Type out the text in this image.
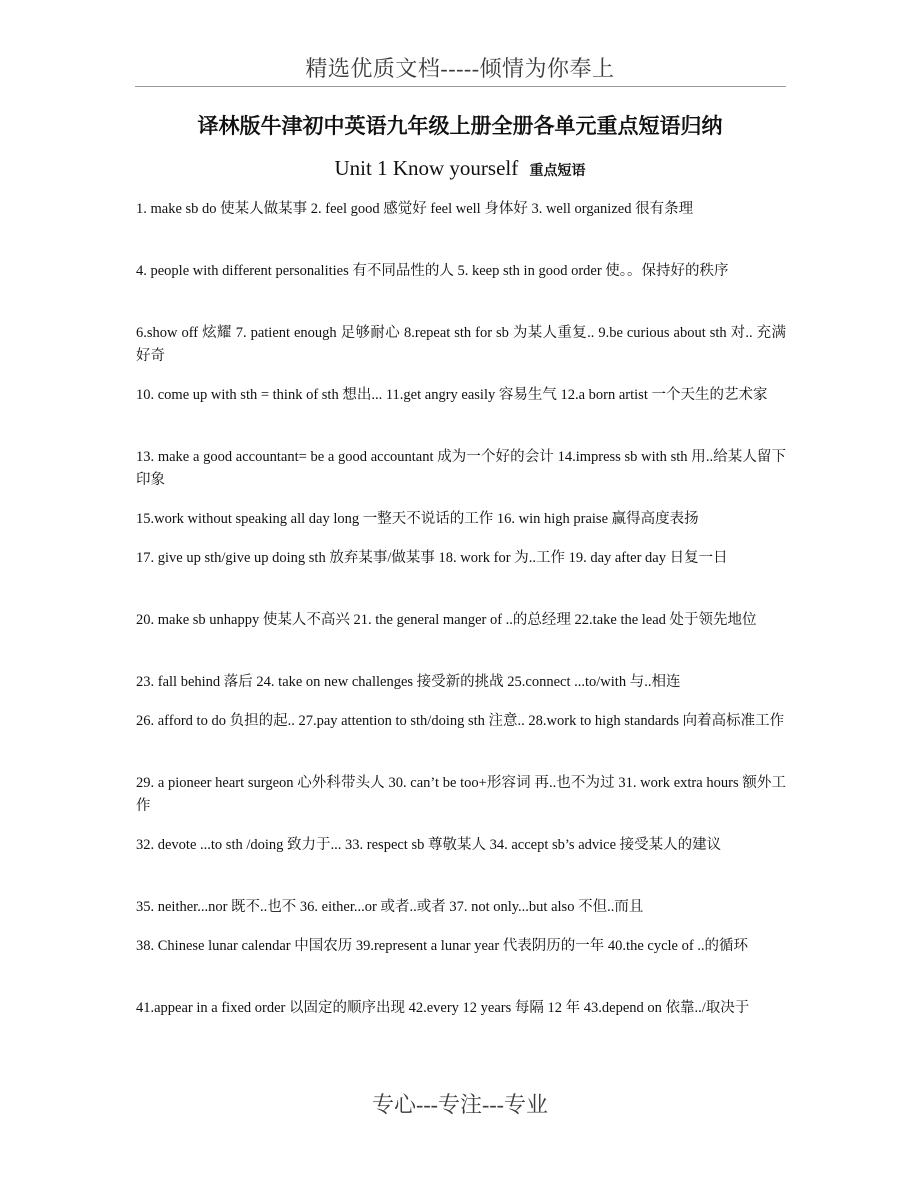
精选优质文档-----倾情为你奉上
译林版牛津初中英语九年级上册全册各单元重点短语归纳
Unit 1 Know yourself 重点短语

1. make sb do 使某人做某事 2. feel good 感觉好 feel well 身体好 3. well organized 很有条理

4. people with different personalities 有不同品性的人 5. keep sth in good order 使。。保持好的秩序

6.show off 炫耀 7. patient enough 足够耐心 8.repeat sth for sb 为某人重复.. 9.be curious about sth 对.. 充满好奇

10. come up with sth = think of sth 想出... 11.get angry easily 容易生气 12.a born artist 一个天生的艺术家

13. make a good accountant= be a good accountant 成为一个好的会计 14.impress sb with sth 用..给某人留下印象

15.work without speaking all day long 一整天不说话的工作 16. win high praise 赢得高度表扬

17. give up sth/give up doing sth 放弃某事/做某事 18. work for 为..工作 19. day after day 日复一日

20. make sb unhappy 使某人不高兴 21. the general manger of ..的总经理 22.take the lead 处于领先地位

23. fall behind 落后 24. take on new challenges 接受新的挑战 25.connect ...to/with 与..相连

26. afford to do 负担的起.. 27.pay attention to sth/doing sth 注意.. 28.work to high standards 向着高标准工作

29. a pioneer heart surgeon 心外科带头人 30. can’t be too+形容词 再..也不为过 31. work extra hours 额外工作

32. devote ...to sth /doing 致力于... 33. respect sb 尊敬某人 34. accept sb’s advice 接受某人的建议

35. neither...nor 既不..也不 36. either...or 或者..或者 37. not only...but also 不但..而且

38. Chinese lunar calendar 中国农历 39.represent a lunar year 代表阴历的一年 40.the cycle of ..的循环

41.appear in a fixed order 以固定的顺序出现 42.every 12 years 每隔 12 年 43.depend on 依靠../取决于

专心---专注---专业
